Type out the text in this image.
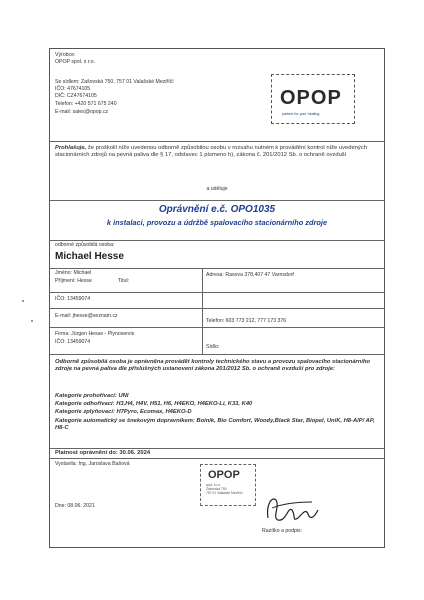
Výrobce:
OPOP spol. s r.o.
Se sídlem: Zašovská 750, 757 01 Valašské Meziříčí
IČO: 47674105
DIČ: CZ47674105
Telefon: +420 571 675 240
E-mail: sales@opop.cz
OPOP
partner for your heating
Prohlašuje, že proškolil níže uvedenou odborně způsobilou osobu v rozsahu nutném k provádění kontrol níže uvedených stacionárních zdrojů na pevná paliva dle § 17, odstavec 1 písmeno h), zákona č. 201/2012 Sb. o ochraně ovzduší
a uděluje
Oprávnění e.č. OPO1035
k instalaci, provozu a údržbě spalovacího stacionárního zdroje
odborně způsobilá osoba:
Michael Hesse
Jméno: Michael
Příjmení: Hesse	Titul:
Adresa: Rasova 378,407 47 Varnsdorf
IČO: 13459074
E-mail: jhesse@seznam.cz
Telefon: 603 773 212, 777 173 376
Firma: Jürgen Hesse - Plynoservis
IČO: 13459074
Sídlo:
Odborně způsobilá osoba je oprávněna provádět kontroly technického stavu a provozu spalovacího stacionárního zdroje na pevná paliva dle příslušných ustanovení zákona 201/2012 Sb. o ochraně ovzduší pro zdroje:
Kategorie prohořívací: UNI
Kategorie odhořívací: H3,H4, H4V, H51, H6, H4EKO, H4EKO-Li, K33, K40
Kategorie zplyňovací: H7Pyro, Ecomax, H4EKO-D
Kategorie automatický se šnekovým dopravníkem: Boinik, Bio Comfort, Woody,Black Star, Biopel, UniK, H8-A/P/ AP, H8-C
Platnost oprávnění do: 30.06. 2024
Vystavila: Ing. Jaroslava Bašová
Dne: 08.06. 2021
OPOP
spol. s r.o.
Zašovská 750
757 01 Valašské Meziříčí
Razítko a podpis:
